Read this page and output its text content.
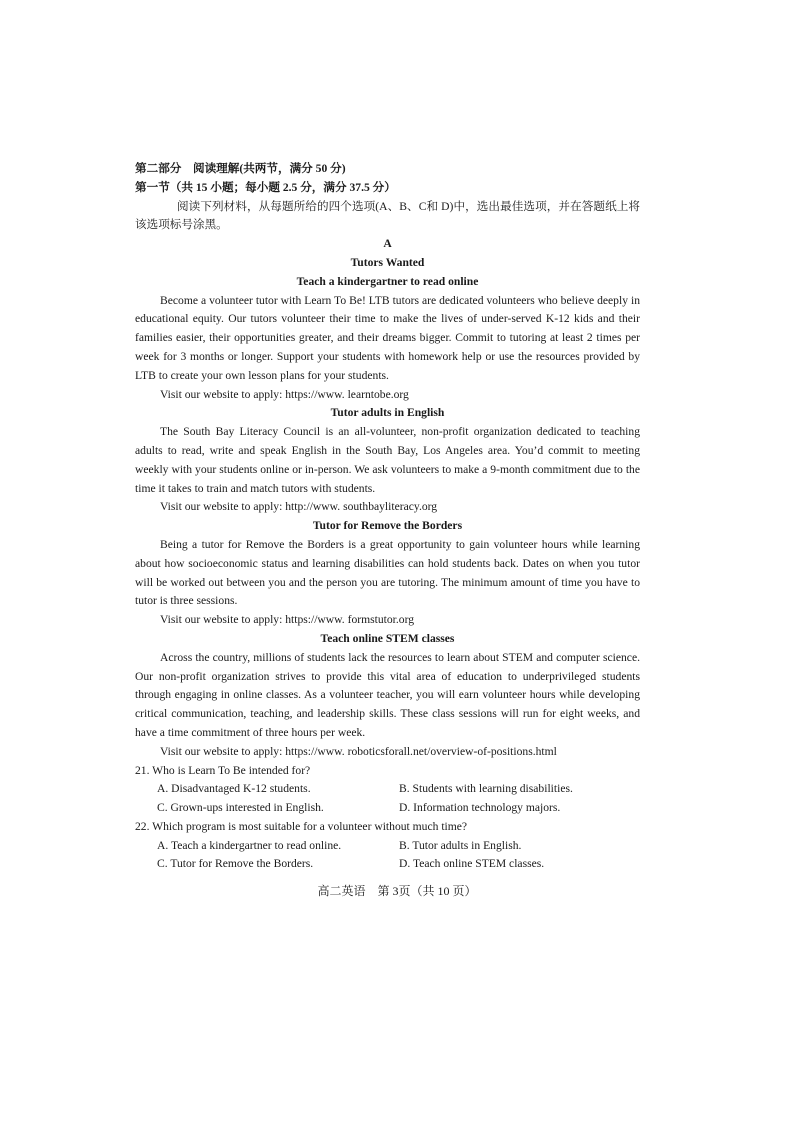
第二部分　阅读理解(共两节，满分 50 分)
第一节（共 15 小题；每小题 2.5 分，满分 37.5 分）
阅读下列材料，从每题所给的四个选项(A、B、C和 D)中，选出最佳选项，并在答题纸上将该选项标号涂黑。
A
Tutors Wanted
Teach a kindergartner to read online

Become a volunteer tutor with Learn To Be! LTB tutors are dedicated volunteers who believe deeply in educational equity. Our tutors volunteer their time to make the lives of under-served K-12 kids and their families easier, their opportunities greater, and their dreams bigger. Commit to tutoring at least 2 times per week for 3 months or longer. Support your students with homework help or use the resources provided by LTB to create your own lesson plans for your students.

Visit our website to apply: https://www. learntobe.org

Tutor adults in English

The South Bay Literacy Council is an all-volunteer, non-profit organization dedicated to teaching adults to read, write and speak English in the South Bay, Los Angeles area. You’d commit to meeting weekly with your students online or in-person. We ask volunteers to make a 9-month commitment due to the time it takes to train and match tutors with students.

Visit our website to apply: http://www. southbayliteracy.org

Tutor for Remove the Borders

Being a tutor for Remove the Borders is a great opportunity to gain volunteer hours while learning about how socioeconomic status and learning disabilities can hold students back. Dates on when you tutor will be worked out between you and the person you are tutoring. The minimum amount of time you have to tutor is three sessions.

Visit our website to apply: https://www. formstutor.org

Teach online STEM classes

Across the country, millions of students lack the resources to learn about STEM and computer science. Our non-profit organization strives to provide this vital area of education to underprivileged students through engaging in online classes. As a volunteer teacher, you will earn volunteer hours while developing critical communication, teaching, and leadership skills. These class sessions will run for eight weeks, and have a time commitment of three hours per week.

Visit our website to apply: https://www. roboticsforall.net/overview-of-positions.html

21. Who is Learn To Be intended for?

A. Disadvantaged K-12 students.	B. Students with learning disabilities.
C. Grown-ups interested in English.	D. Information technology majors.

22. Which program is most suitable for a volunteer without much time?

A. Teach a kindergartner to read online.	B. Tutor adults in English.
C. Tutor for Remove the Borders.	D. Teach online STEM classes.
高二英语　第 3页（共 10 页）
